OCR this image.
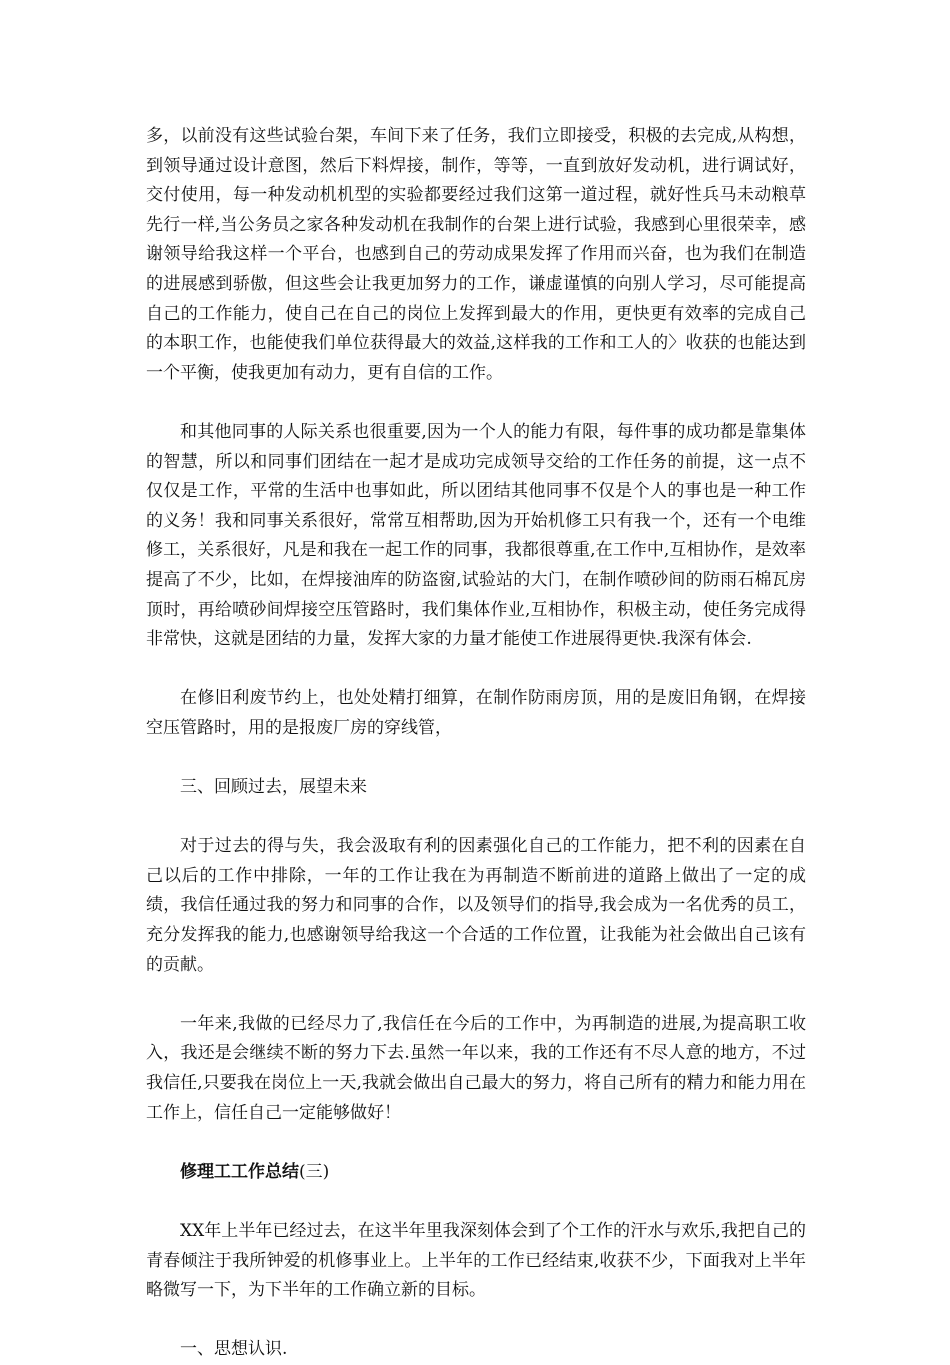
多，以前没有这些试验台架，车间下来了任务，我们立即接受，积极的去完成,从构想，到领导通过设计意图，然后下料焊接，制作，等等，一直到放好发动机，进行调试好，交付使用，每一种发动机机型的实验都要经过我们这第一道过程，就好性兵马未动粮草先行一样,当公务员之家各种发动机在我制作的台架上进行试验，我感到心里很荣幸，感谢领导给我这样一个平台，也感到自己的劳动成果发挥了作用而兴奋，也为我们在制造的进展感到骄傲，但这些会让我更加努力的工作，谦虚谨慎的向别人学习，尽可能提高自己的工作能力，使自己在自己的岗位上发挥到最大的作用，更快更有效率的完成自己的本职工作，也能使我们单位获得最大的效益,这样我的工作和工人的〉收获的也能达到一个平衡，使我更加有动力，更有自信的工作。

和其他同事的人际关系也很重要,因为一个人的能力有限，每件事的成功都是靠集体的智慧，所以和同事们团结在一起才是成功完成领导交给的工作任务的前提，这一点不仅仅是工作，平常的生活中也事如此，所以团结其他同事不仅是个人的事也是一种工作的义务！我和同事关系很好，常常互相帮助,因为开始机修工只有我一个，还有一个电维修工，关系很好，凡是和我在一起工作的同事，我都很尊重,在工作中,互相协作，是效率提高了不少，比如，在焊接油库的防盗窗,试验站的大门，在制作喷砂间的防雨石棉瓦房顶时，再给喷砂间焊接空压管路时，我们集体作业,互相协作，积极主动，使任务完成得非常快，这就是团结的力量，发挥大家的力量才能使工作进展得更快.我深有体会.

在修旧利废节约上，也处处精打细算，在制作防雨房顶，用的是废旧角钢，在焊接空压管路时，用的是报废厂房的穿线管，

三、回顾过去，展望未来

对于过去的得与失，我会汲取有利的因素强化自己的工作能力，把不利的因素在自己以后的工作中排除，一年的工作让我在为再制造不断前进的道路上做出了一定的成绩，我信任通过我的努力和同事的合作，以及领导们的指导,我会成为一名优秀的员工，充分发挥我的能力,也感谢领导给我这一个合适的工作位置，让我能为社会做出自己该有的贡献。

一年来,我做的已经尽力了,我信任在今后的工作中，为再制造的进展,为提高职工收入，我还是会继续不断的努力下去.虽然一年以来，我的工作还有不尽人意的地方，不过我信任,只要我在岗位上一天,我就会做出自己最大的努力，将自己所有的精力和能力用在工作上，信任自己一定能够做好！

修理工工作总结(三)

XX年上半年已经过去，在这半年里我深刻体会到了个工作的汗水与欢乐,我把自己的青春倾注于我所钟爱的机修事业上。上半年的工作已经结束,收获不少，下面我对上半年略微写一下，为下半年的工作确立新的目标。

一、思想认识.
